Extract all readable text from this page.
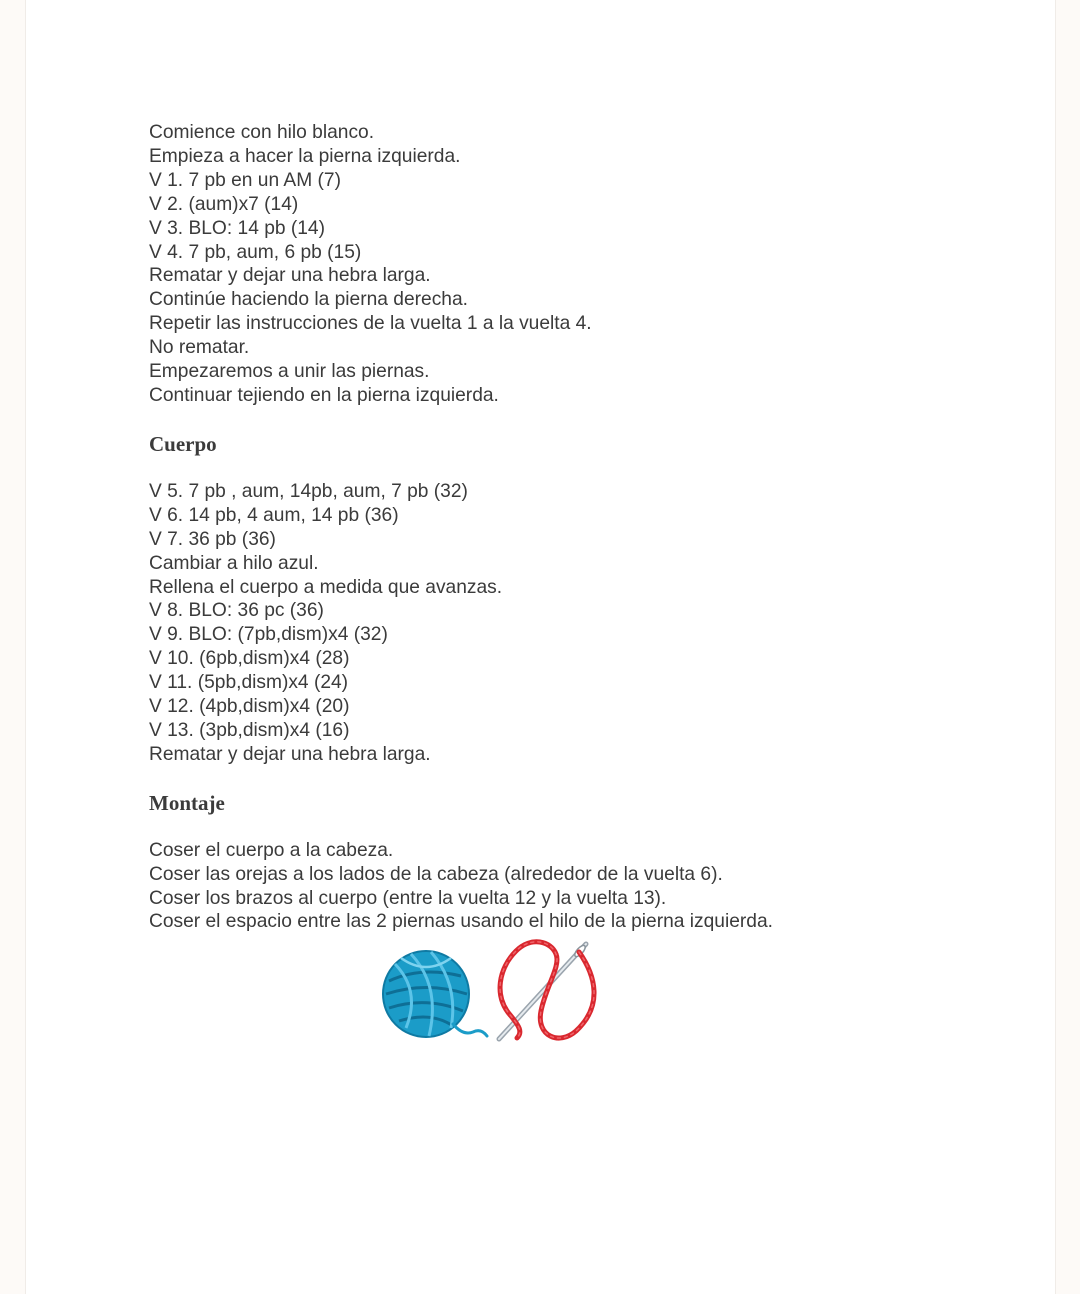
Comience con hilo blanco.
Empieza a hacer la pierna izquierda.
V 1. 7 pb en un AM (7)
V 2. (aum)x7 (14)
V 3. BLO: 14 pb (14)
V 4. 7 pb, aum, 6 pb (15)
Rematar y dejar una hebra larga.
Continúe haciendo la pierna derecha.
Repetir las instrucciones de la vuelta 1 a la vuelta 4.
No rematar.
Empezaremos a unir las piernas.
Continuar tejiendo en la pierna izquierda.
Cuerpo
V 5. 7 pb , aum, 14pb, aum, 7 pb (32)
V 6. 14 pb, 4 aum, 14 pb (36)
V 7. 36 pb (36)
Cambiar a hilo azul.
Rellena el cuerpo a medida que avanzas.
V 8. BLO: 36 pc (36)
V 9. BLO: (7pb,dism)x4 (32)
V 10. (6pb,dism)x4 (28)
V 11. (5pb,dism)x4 (24)
V 12. (4pb,dism)x4 (20)
V 13. (3pb,dism)x4 (16)
Rematar y dejar una hebra larga.
Montaje
Coser el cuerpo a la cabeza.
Coser las orejas a los lados de la cabeza (alrededor de la vuelta 6).
Coser los brazos al cuerpo (entre la vuelta 12 y la vuelta 13).
Coser el espacio entre las 2 piernas usando el hilo de la pierna izquierda.
